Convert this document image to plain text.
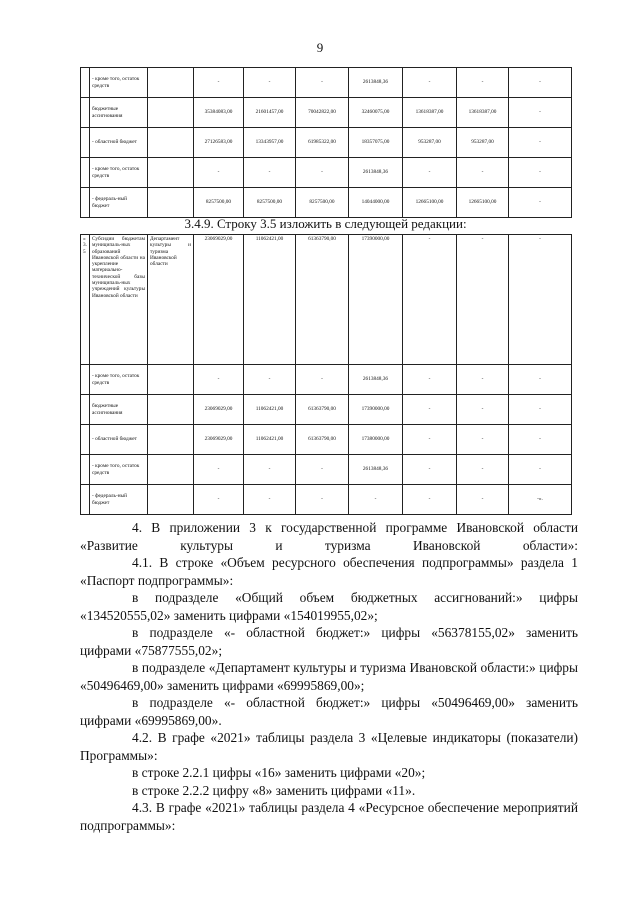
9
	- кроме того, остаток средств		-	-	-	2613848,36	-	-	-
	бюджетные ассигнования		35384083,00	21601457,00	70042822,00	32460075,00	13618387,00	13618387,00	-
	- областной бюджет		27126583,00	13343957,00	61985322,00	18357075,00	953287,00	953287,00	-
	- кроме того, остаток средств		-	-	-	2613848,36	-	-	-
	- федераль-ный бюджет		8257500,00	8257500,00	8257500,00	14044000,00	12665100,00	12665100,00	-
3.4.9. Строку 3.5 изложить в следующей редакции:
«3.5	Субсидии бюджетам муниципаль-ных образований Ивановской области на укрепление материально-технической базы муниципаль-ных учреждений культуры Ивановской области	Департамент культуры и туризма Ивановской области	23069029,00	11062421,00	61363790,00	17390000,00	-	-	-
	- кроме того, остаток средств		-	-	-	2613848,36	-	-	-
	бюджетные ассигнования		23069029,00	11062421,00	61363790,00	17390000,00	-	-	-
	- областной бюджет		23069029,00	11062421,00	61363790,00	17380000,00	-	-	-
	- кроме того, остаток средств		-	-	-	2613848,36	-	-	-
	- федераль-ный бюджет		-	-	-	-	-	-	-».
4. В приложении 3 к государственной программе Ивановской области «Развитие культуры и туризма Ивановской области»:
4.1. В строке «Объем ресурсного обеспечения подпрограммы» раздела 1 «Паспорт подпрограммы»:
в подразделе «Общий объем бюджетных ассигнований:» цифры «134520555,02» заменить цифрами «154019955,02»;
в подразделе «- областной бюджет:» цифры «56378155,02» заменить цифрами «75877555,02»;
в подразделе «Департамент культуры и туризма Ивановской области:» цифры «50496469,00» заменить цифрами «69995869,00»;
в подразделе «- областной бюджет:» цифры «50496469,00» заменить цифрами «69995869,00».
4.2. В графе «2021» таблицы раздела 3 «Целевые индикаторы (показатели) Программы»:
в строке 2.2.1 цифры «16» заменить цифрами «20»;
в строке 2.2.2 цифру «8» заменить цифрами «11».
4.3. В графе «2021» таблицы раздела 4 «Ресурсное обеспечение мероприятий подпрограммы»:
